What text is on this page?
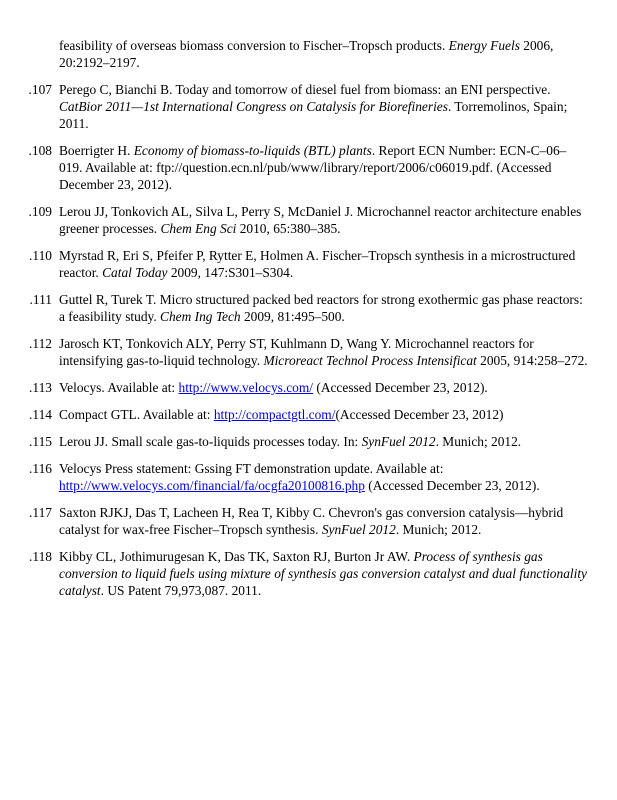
feasibility of overseas biomass conversion to Fischer–Tropsch products. Energy Fuels 2006, 20:2192–2197.
107. Perego C, Bianchi B. Today and tomorrow of diesel fuel from biomass: an ENI perspective. CatBior 2011—1st International Congress on Catalysis for Biorefineries. Torremolinos, Spain; 2011.
108. Boerrigter H. Economy of biomass-to-liquids (BTL) plants. Report ECN Number: ECN-C–06–019. Available at: ftp://question.ecn.nl/pub/www/library/report/2006/c06019.pdf. (Accessed December 23, 2012).
109. Lerou JJ, Tonkovich AL, Silva L, Perry S, McDaniel J. Microchannel reactor architecture enables greener processes. Chem Eng Sci 2010, 65:380–385.
110. Myrstad R, Eri S, Pfeifer P, Rytter E, Holmen A. Fischer–Tropsch synthesis in a microstructured reactor. Catal Today 2009, 147:S301–S304.
111. Guttel R, Turek T. Micro structured packed bed reactors for strong exothermic gas phase reactors: a feasibility study. Chem Ing Tech 2009, 81:495–500.
112. Jarosch KT, Tonkovich ALY, Perry ST, Kuhlmann D, Wang Y. Microchannel reactors for intensifying gas-to-liquid technology. Microreact Technol Process Intensificat 2005, 914:258–272.
113. Velocys. Available at: http://www.velocys.com/ (Accessed December 23, 2012).
114. Compact GTL. Available at: http://compactgtl.com/(Accessed December 23, 2012)
115. Lerou JJ. Small scale gas-to-liquids processes today. In: SynFuel 2012. Munich; 2012.
116. Velocys Press statement: Gssing FT demonstration update. Available at:
http://www.velocys.com/financial/fa/ocgfa20100816.php (Accessed December 23, 2012).
117. Saxton RJKJ, Das T, Lacheen H, Rea T, Kibby C. Chevron's gas conversion catalysis—hybrid catalyst for wax-free Fischer–Tropsch synthesis. SynFuel 2012. Munich; 2012.
118. Kibby CL, Jothimurugesan K, Das TK, Saxton RJ, Burton Jr AW. Process of synthesis gas conversion to liquid fuels using mixture of synthesis gas conversion catalyst and dual functionality catalyst. US Patent 79,973,087. 2011.
